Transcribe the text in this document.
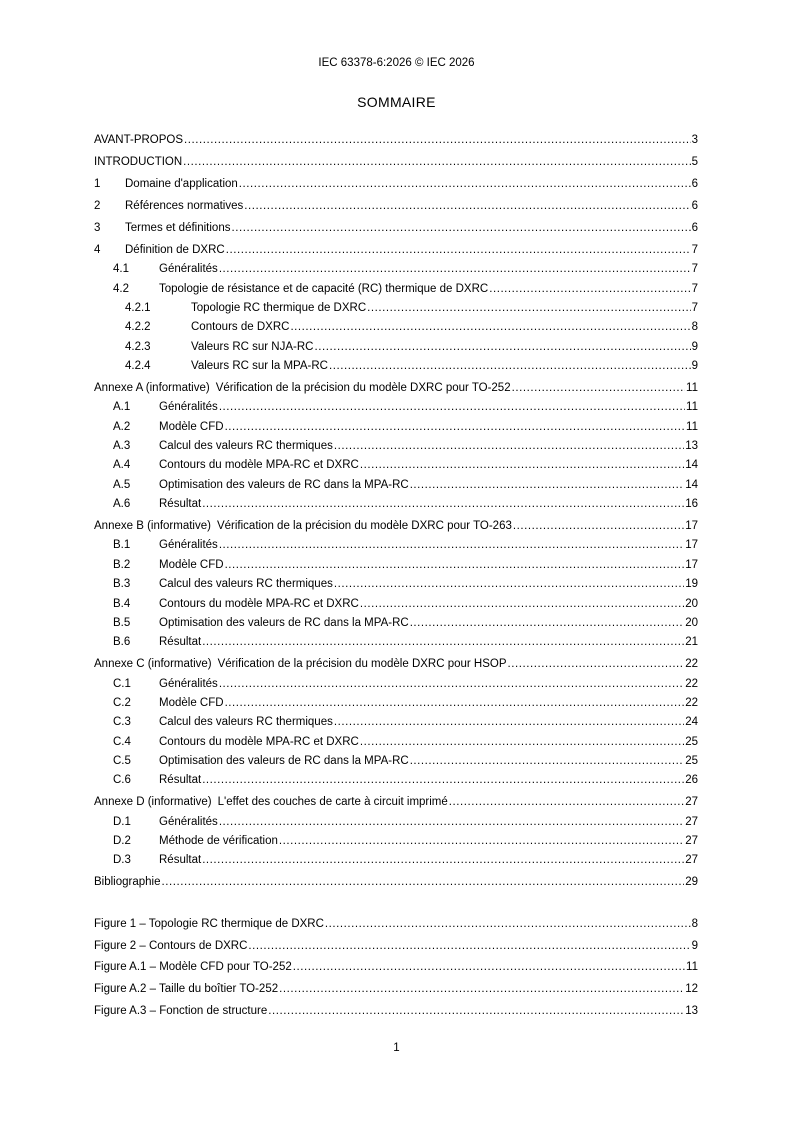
IEC 63378-6:2026 © IEC 2026
SOMMAIRE
AVANT-PROPOS .....	3
INTRODUCTION .....	5
1	Domaine d'application .....	6
2	Références normatives .....	6
3	Termes et définitions .....	6
4	Définition de DXRC .....	7
4.1	Généralités .....	7
4.2	Topologie de résistance et de capacité (RC) thermique de DXRC .....	7
4.2.1	Topologie RC thermique de DXRC .....	7
4.2.2	Contours de DXRC .....	8
4.2.3	Valeurs RC sur NJA-RC .....	9
4.2.4	Valeurs RC sur la MPA-RC .....	9
Annexe A (informative) Vérification de la précision du modèle DXRC pour TO-252 .....	11
A.1	Généralités .....	11
A.2	Modèle CFD .....	11
A.3	Calcul des valeurs RC thermiques .....	13
A.4	Contours du modèle MPA-RC et DXRC .....	14
A.5	Optimisation des valeurs de RC dans la MPA-RC .....	14
A.6	Résultat .....	16
Annexe B (informative) Vérification de la précision du modèle DXRC pour TO-263 .....	17
B.1	Généralités .....	17
B.2	Modèle CFD .....	17
B.3	Calcul des valeurs RC thermiques .....	19
B.4	Contours du modèle MPA-RC et DXRC .....	20
B.5	Optimisation des valeurs de RC dans la MPA-RC .....	20
B.6	Résultat .....	21
Annexe C (informative) Vérification de la précision du modèle DXRC pour HSOP .....	22
C.1	Généralités .....	22
C.2	Modèle CFD .....	22
C.3	Calcul des valeurs RC thermiques .....	24
C.4	Contours du modèle MPA-RC et DXRC .....	25
C.5	Optimisation des valeurs de RC dans la MPA-RC .....	25
C.6	Résultat .....	26
Annexe D (informative) L'effet des couches de carte à circuit imprimé .....	27
D.1	Généralités .....	27
D.2	Méthode de vérification .....	27
D.3	Résultat .....	27
Bibliographie .....	29
Figure 1 – Topologie RC thermique de DXRC .....	8
Figure 2 – Contours de DXRC .....	9
Figure A.1 – Modèle CFD pour TO-252 .....	11
Figure A.2 – Taille du boîtier TO-252 .....	12
Figure A.3 – Fonction de structure .....	13
1
